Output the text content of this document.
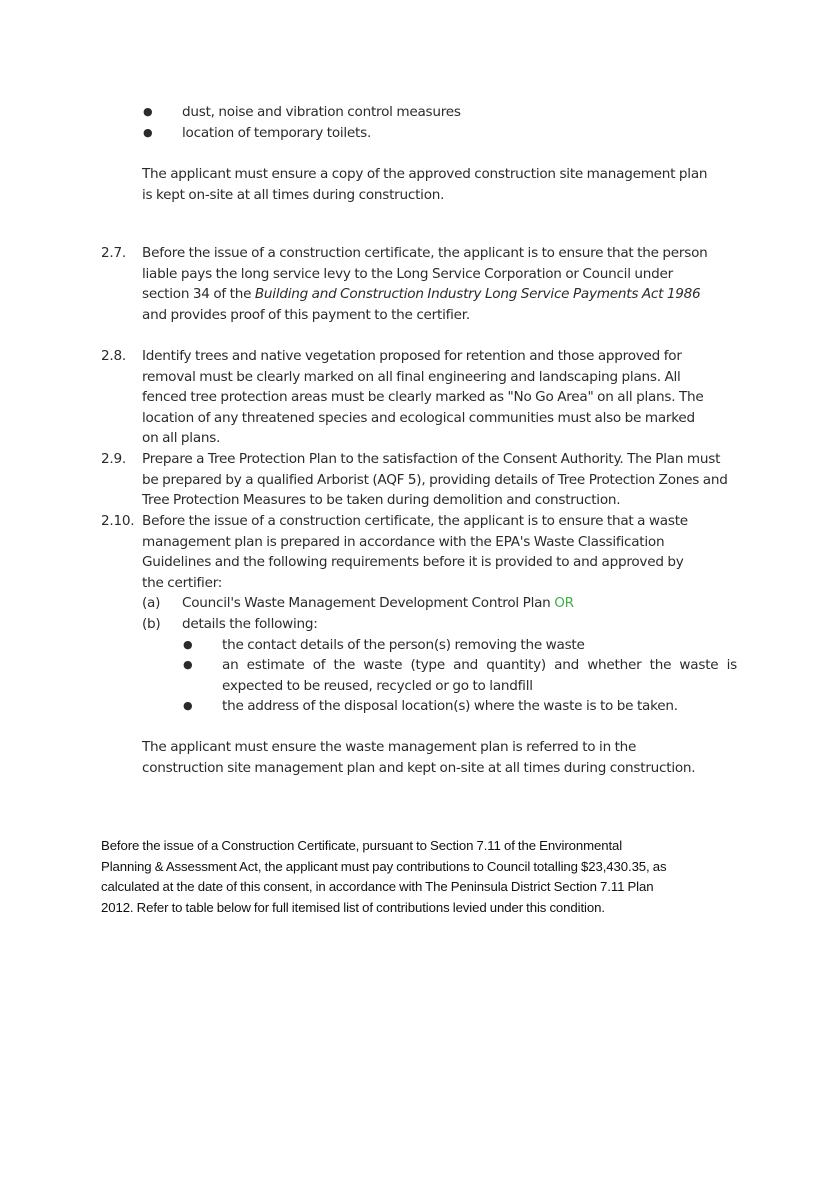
● dust, noise and vibration control measures
● location of temporary toilets.
The applicant must ensure a copy of the approved construction site management plan
is kept on-site at all times during construction.
2.7.	Before the issue of a construction certificate, the applicant is to ensure that the person
liable pays the long service levy to the Long Service Corporation or Council under
section 34 of the Building and Construction Industry Long Service Payments Act 1986
and provides proof of this payment to the certifier.
2.8.	Identify trees and native vegetation proposed for retention and those approved for
removal must be clearly marked on all final engineering and landscaping plans. All
fenced tree protection areas must be clearly marked as "No Go Area" on all plans. The
location of any threatened species and ecological communities must also be marked
on all plans.
2.9.	Prepare a Tree Protection Plan to the satisfaction of the Consent Authority. The Plan must
be prepared by a qualified Arborist (AQF 5), providing details of Tree Protection Zones and
Tree Protection Measures to be taken during demolition and construction.
2.10. Before the issue of a construction certificate, the applicant is to ensure that a waste
management plan is prepared in accordance with the EPA's Waste Classification
Guidelines and the following requirements before it is provided to and approved by
the certifier:
(a)	Council's Waste Management Development Control Plan OR
(b)	details the following:
● the contact details of the person(s) removing the waste
● an estimate of the waste (type and quantity) and whether the waste is
expected to be reused, recycled or go to landfill
● the address of the disposal location(s) where the waste is to be taken.
The applicant must ensure the waste management plan is referred to in the
construction site management plan and kept on-site at all times during construction.
Before the issue of a Construction Certificate, pursuant to Section 7.11 of the Environmental
Planning & Assessment Act, the applicant must pay contributions to Council totalling $23,430.35, as
calculated at the date of this consent, in accordance with The Peninsula District Section 7.11 Plan
2012. Refer to table below for full itemised list of contributions levied under this condition.
